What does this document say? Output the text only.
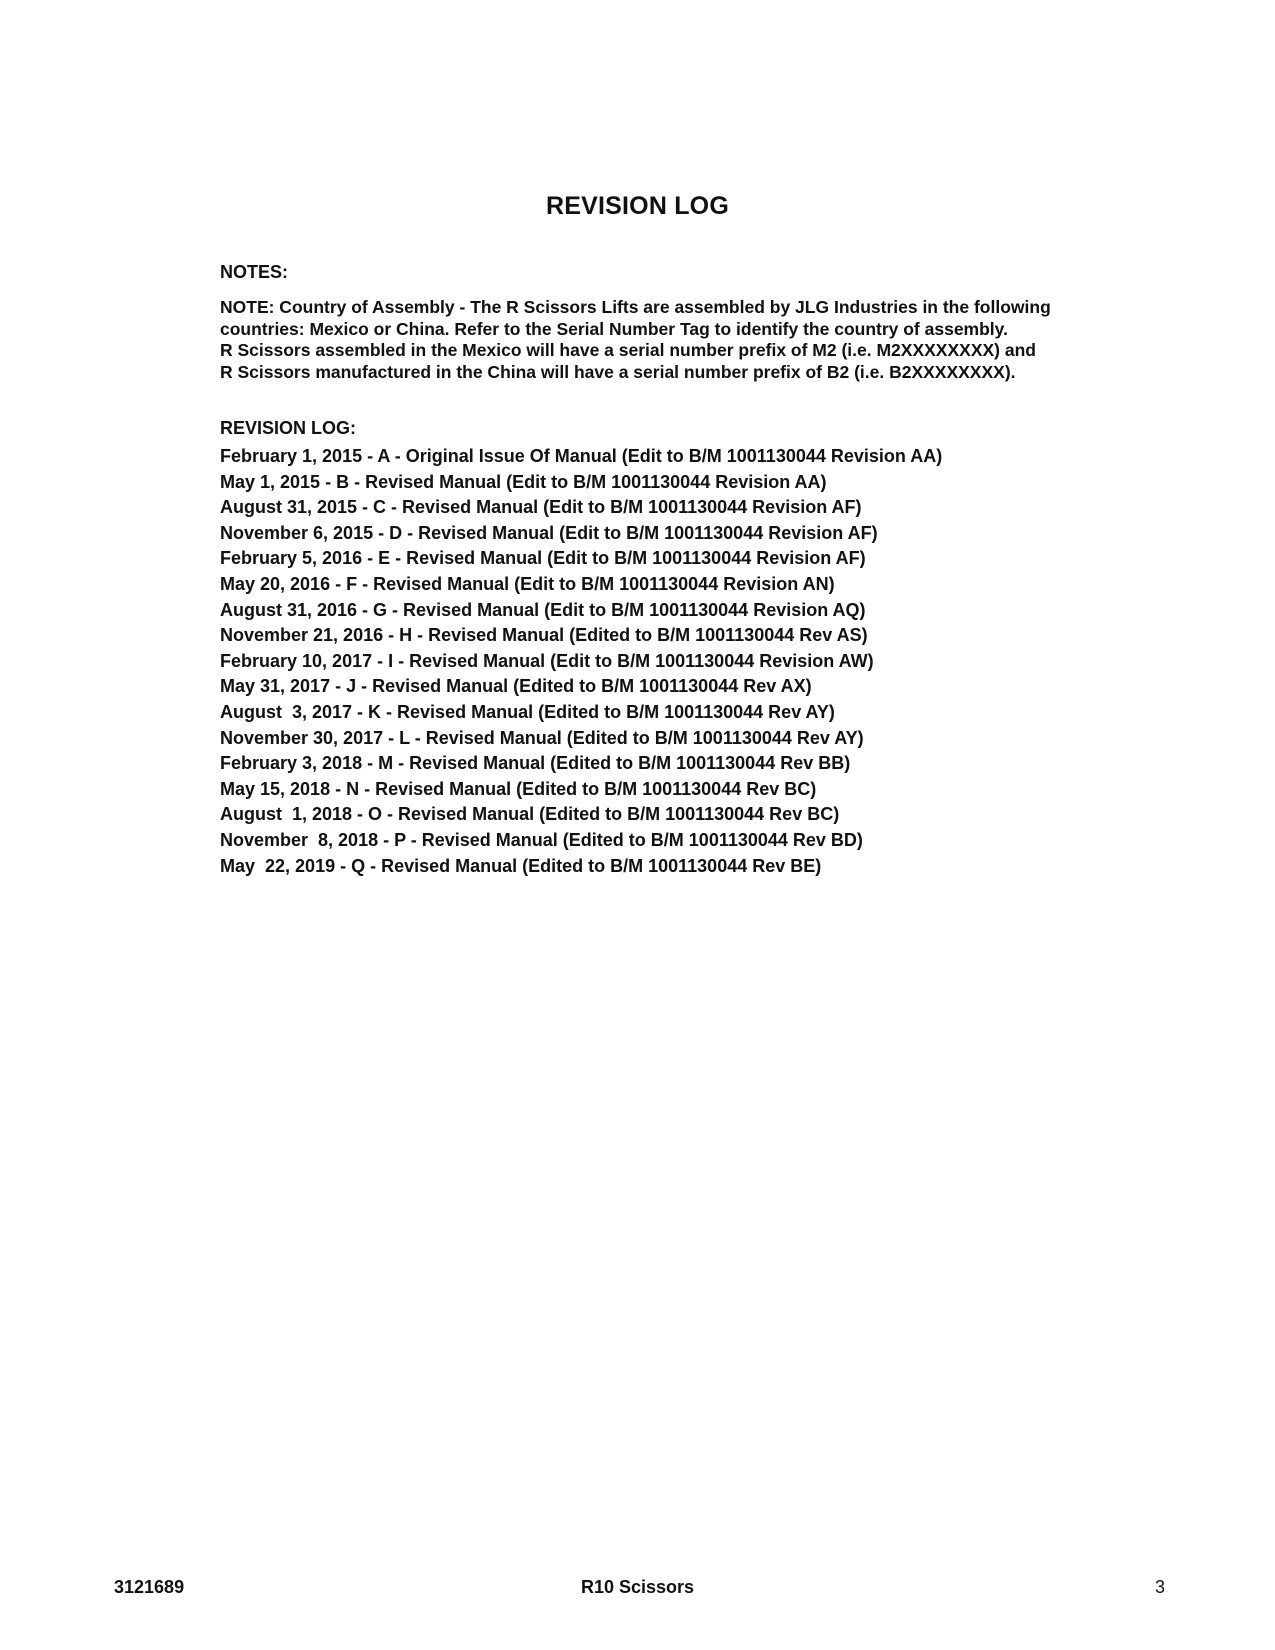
REVISION LOG
NOTES:
NOTE: Country of Assembly - The R Scissors Lifts are assembled by JLG Industries in the following
countries: Mexico or China. Refer to the Serial Number Tag to identify the country of assembly.
R Scissors assembled in the Mexico will have a serial number prefix of M2 (i.e. M2XXXXXXXX) and
R Scissors manufactured in the China will have a serial number prefix of B2 (i.e. B2XXXXXXXX).
REVISION LOG:
February 1, 2015 - A - Original Issue Of Manual (Edit to B/M 1001130044 Revision AA)
May 1, 2015 - B - Revised Manual (Edit to B/M 1001130044 Revision AA)
August 31, 2015 - C - Revised Manual (Edit to B/M 1001130044 Revision AF)
November 6, 2015 - D - Revised Manual (Edit to B/M 1001130044 Revision AF)
February 5, 2016 - E - Revised Manual (Edit to B/M 1001130044 Revision AF)
May 20, 2016 - F - Revised Manual (Edit to B/M 1001130044 Revision AN)
August 31, 2016 - G - Revised Manual (Edit to B/M 1001130044 Revision AQ)
November 21, 2016 - H - Revised Manual (Edited to B/M 1001130044 Rev AS)
February 10, 2017 - I - Revised Manual (Edit to B/M 1001130044 Revision AW)
May 31, 2017 - J - Revised Manual (Edited to B/M 1001130044 Rev AX)
August  3, 2017 - K - Revised Manual (Edited to B/M 1001130044 Rev AY)
November 30, 2017 - L - Revised Manual (Edited to B/M 1001130044 Rev AY)
February 3, 2018 - M - Revised Manual (Edited to B/M 1001130044 Rev BB)
May 15, 2018 - N - Revised Manual (Edited to B/M 1001130044 Rev BC)
August  1, 2018 - O - Revised Manual (Edited to B/M 1001130044 Rev BC)
November  8, 2018 - P - Revised Manual (Edited to B/M 1001130044 Rev BD)
May  22, 2019 - Q - Revised Manual (Edited to B/M 1001130044 Rev BE)
3121689	R10 Scissors	3
